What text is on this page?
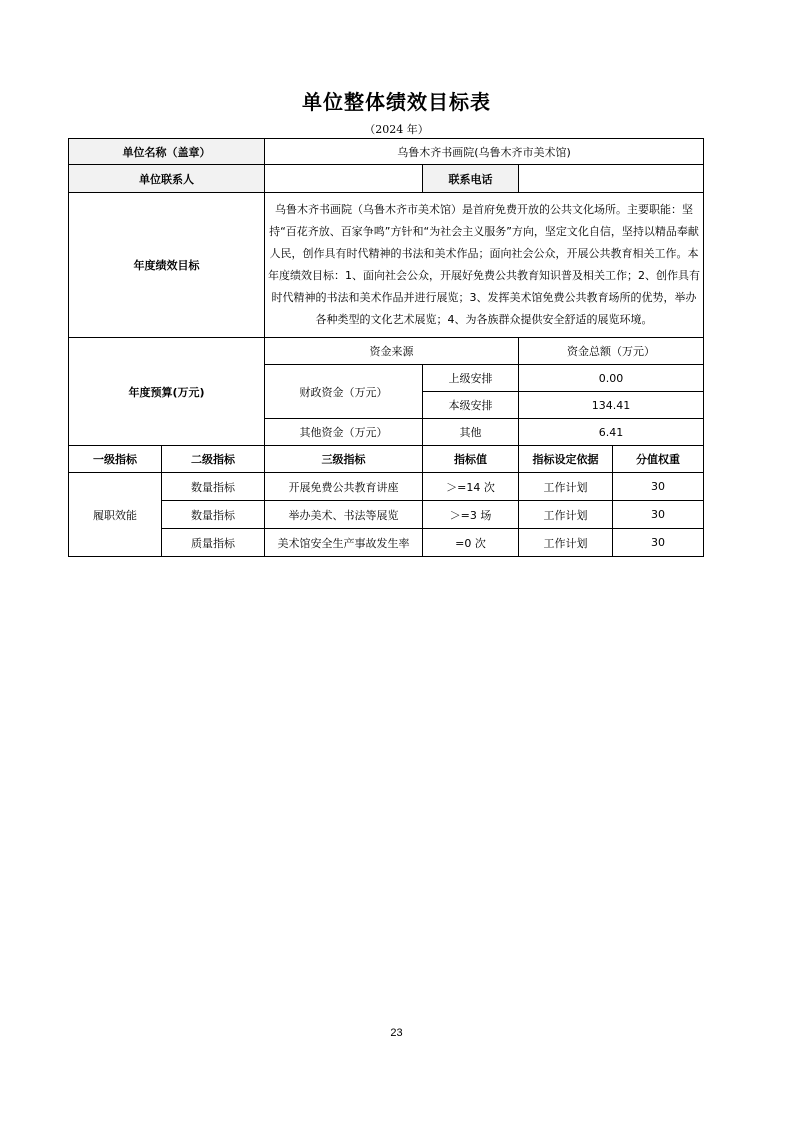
单位整体绩效目标表
（2024 年）
单位名称（盖章）		乌鲁木齐书画院(乌鲁木齐市美术馆)			
单位联系人			联系电话		
年度绩效目标		乌鲁木齐书画院（乌鲁木齐市美术馆）是首府免费开放的公共文化场所。主要职能：坚持“百花齐放、百家争鸣”方针和“为社会主义服务”方向，坚定文化自信，坚持以精品奉献人民，创作具有时代精神的书法和美术作品；面向社会公众，开展公共教育相关工作。本年度绩效目标：1、面向社会公众，开展好免费公共教育知识普及相关工作；2、创作具有时代精神的书法和美术作品并进行展览；3、发挥美术馆免费公共教育场所的优势，举办各种类型的文化艺术展览；4、为各族群众提供安全舒适的展览环境。			
年度预算(万元)		资金来源		资金总额（万元）	
		财政资金（万元）	上级安排	0.00	
			本级安排	134.41	
		其他资金（万元）	其他	6.41	
一级指标	二级指标	三级指标	指标值	指标设定依据	分值权重
履职效能	数量指标	开展免费公共教育讲座	＞=14 次	工作计划	30
	数量指标	举办美术、书法等展览	＞=3 场	工作计划	30
	质量指标	美术馆安全生产事故发生率	=0 次	工作计划	30
23
